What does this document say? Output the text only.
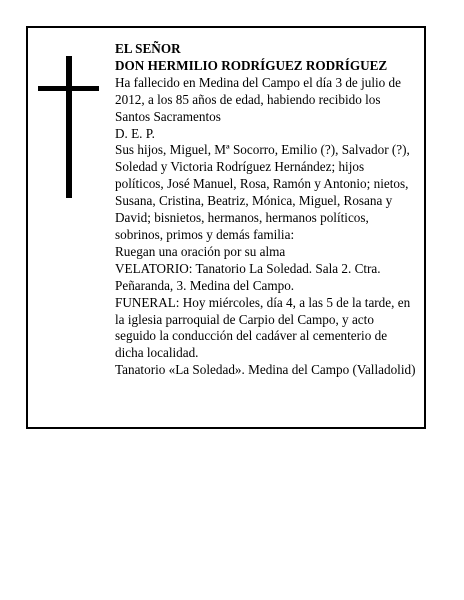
EL SEÑOR
DON HERMILIO RODRÍGUEZ RODRÍGUEZ
Ha fallecido en Medina del Campo el día 3 de julio de
2012, a los 85 años de edad, habiendo recibido los
Santos Sacramentos
D. E. P.
Sus hijos, Miguel, Mª Socorro, Emilio (?), Salvador (?),
Soledad y Victoria Rodríguez Hernández; hijos
políticos, José Manuel, Rosa, Ramón y Antonio; nietos,
Susana, Cristina, Beatriz, Mónica, Miguel, Rosana y
David; bisnietos, hermanos, hermanos políticos,
sobrinos, primos y demás familia:
Ruegan una oración por su alma
VELATORIO: Tanatorio La Soledad. Sala 2. Ctra.
Peñaranda, 3. Medina del Campo.
FUNERAL: Hoy miércoles, día 4, a las 5 de la tarde, en
la iglesia parroquial de Carpio del Campo, y acto
seguido la conducción del cadáver al cementerio de
dicha localidad.
Tanatorio «La Soledad». Medina del Campo (Valladolid)
